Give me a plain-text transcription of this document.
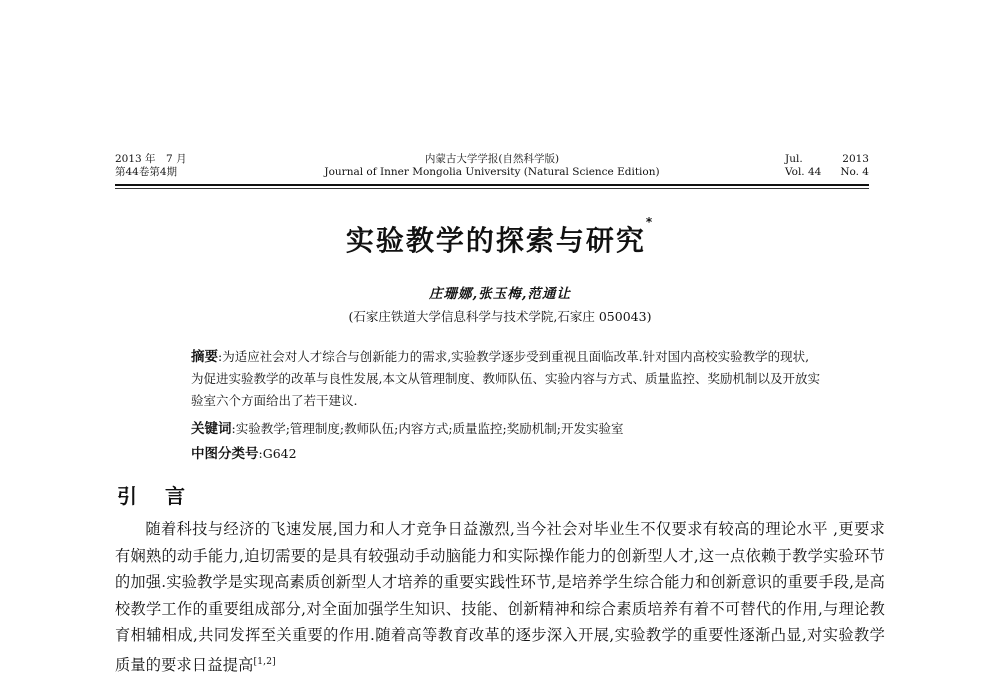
2013 年　7 月
第44卷第4期
内蒙古大学学报(自然科学版)
Journal of Inner Mongolia University (Natural Science Edition)
Jul.	2013
Vol. 44 No. 4
实验教学的探索与研究*
庄珊娜,张玉梅,范通让
(石家庄铁道大学信息科学与技术学院,石家庄 050043)
摘要:为适应社会对人才综合与创新能力的需求,实验教学逐步受到重视且面临改革.针对国内高校实验教学的现状,为促进实验教学的改革与良性发展,本文从管理制度、教师队伍、实验内容与方式、质量监控、奖励机制以及开放实验室六个方面给出了若干建议.
关键词:实验教学;管理制度;教师队伍;内容方式;质量监控;奖励机制;开发实验室
中图分类号:G642
引言
随着科技与经济的飞速发展,国力和人才竞争日益激烈,当今社会对毕业生不仅要求有较高的理论水平 ,更要求有娴熟的动手能力,迫切需要的是具有较强动手动脑能力和实际操作能力的创新型人才,这一点依赖于教学实验环节的加强.实验教学是实现高素质创新型人才培养的重要实践性环节,是培养学生综合能力和创新意识的重要手段,是高校教学工作的重要组成部分,对全面加强学生知识、技能、创新精神和综合素质培养有着不可替代的作用,与理论教育相辅相成,共同发挥至关重要的作用.随着高等教育改革的逐步深入开展,实验教学的重要性逐渐凸显,对实验教学质量的要求日益提高[1,2]
